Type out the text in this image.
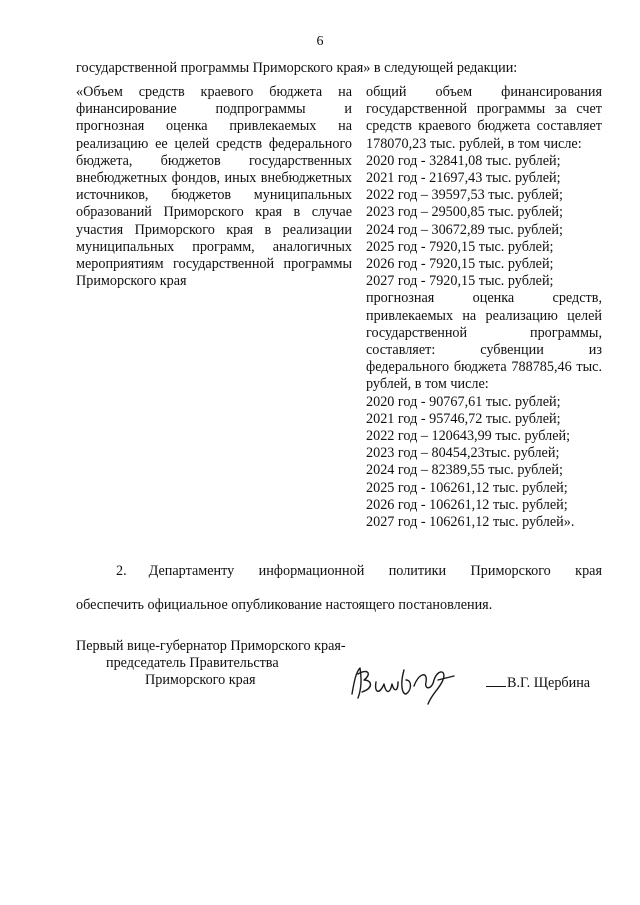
6
государственной программы Приморского края» в следующей редакции:
«Объем средств краевого бюджета на финансирование подпрограммы и прогнозная оценка привлекаемых на реализацию ее целей средств федерального бюджета, бюджетов государственных внебюджетных фондов, иных внебюджетных источников, бюджетов муниципальных образований Приморского края в случае участия Приморского края в реализации муниципальных программ, аналогичных мероприятиям государственной программы Приморского края
общий объем финансирования государственной программы за счет средств краевого бюджета составляет 178070,23 тыс. рублей, в том числе:
2020 год - 32841,08 тыс. рублей;
2021 год - 21697,43 тыс. рублей;
2022 год – 39597,53 тыс. рублей;
2023 год – 29500,85 тыс. рублей;
2024 год – 30672,89 тыс. рублей;
2025 год - 7920,15 тыс. рублей;
2026 год - 7920,15 тыс. рублей;
2027 год - 7920,15 тыс. рублей;
прогнозная оценка средств, привлекаемых на реализацию целей государственной программы, составляет: субвенции из федерального бюджета 788785,46 тыс. рублей, в том числе:
2020 год - 90767,61 тыс. рублей;
2021 год - 95746,72 тыс. рублей;
2022 год – 120643,99 тыс. рублей;
2023 год – 80454,23тыс. рублей;
2024 год – 82389,55 тыс. рублей;
2025 год - 106261,12 тыс. рублей;
2026 год - 106261,12 тыс. рублей;
2027 год - 106261,12 тыс. рублей».
2. Департаменту информационной политики Приморского края
обеспечить официальное опубликование настоящего постановления.
Первый вице-губернатор Приморского края-
председатель Правительства
Приморского края	В.Г. Щербина
